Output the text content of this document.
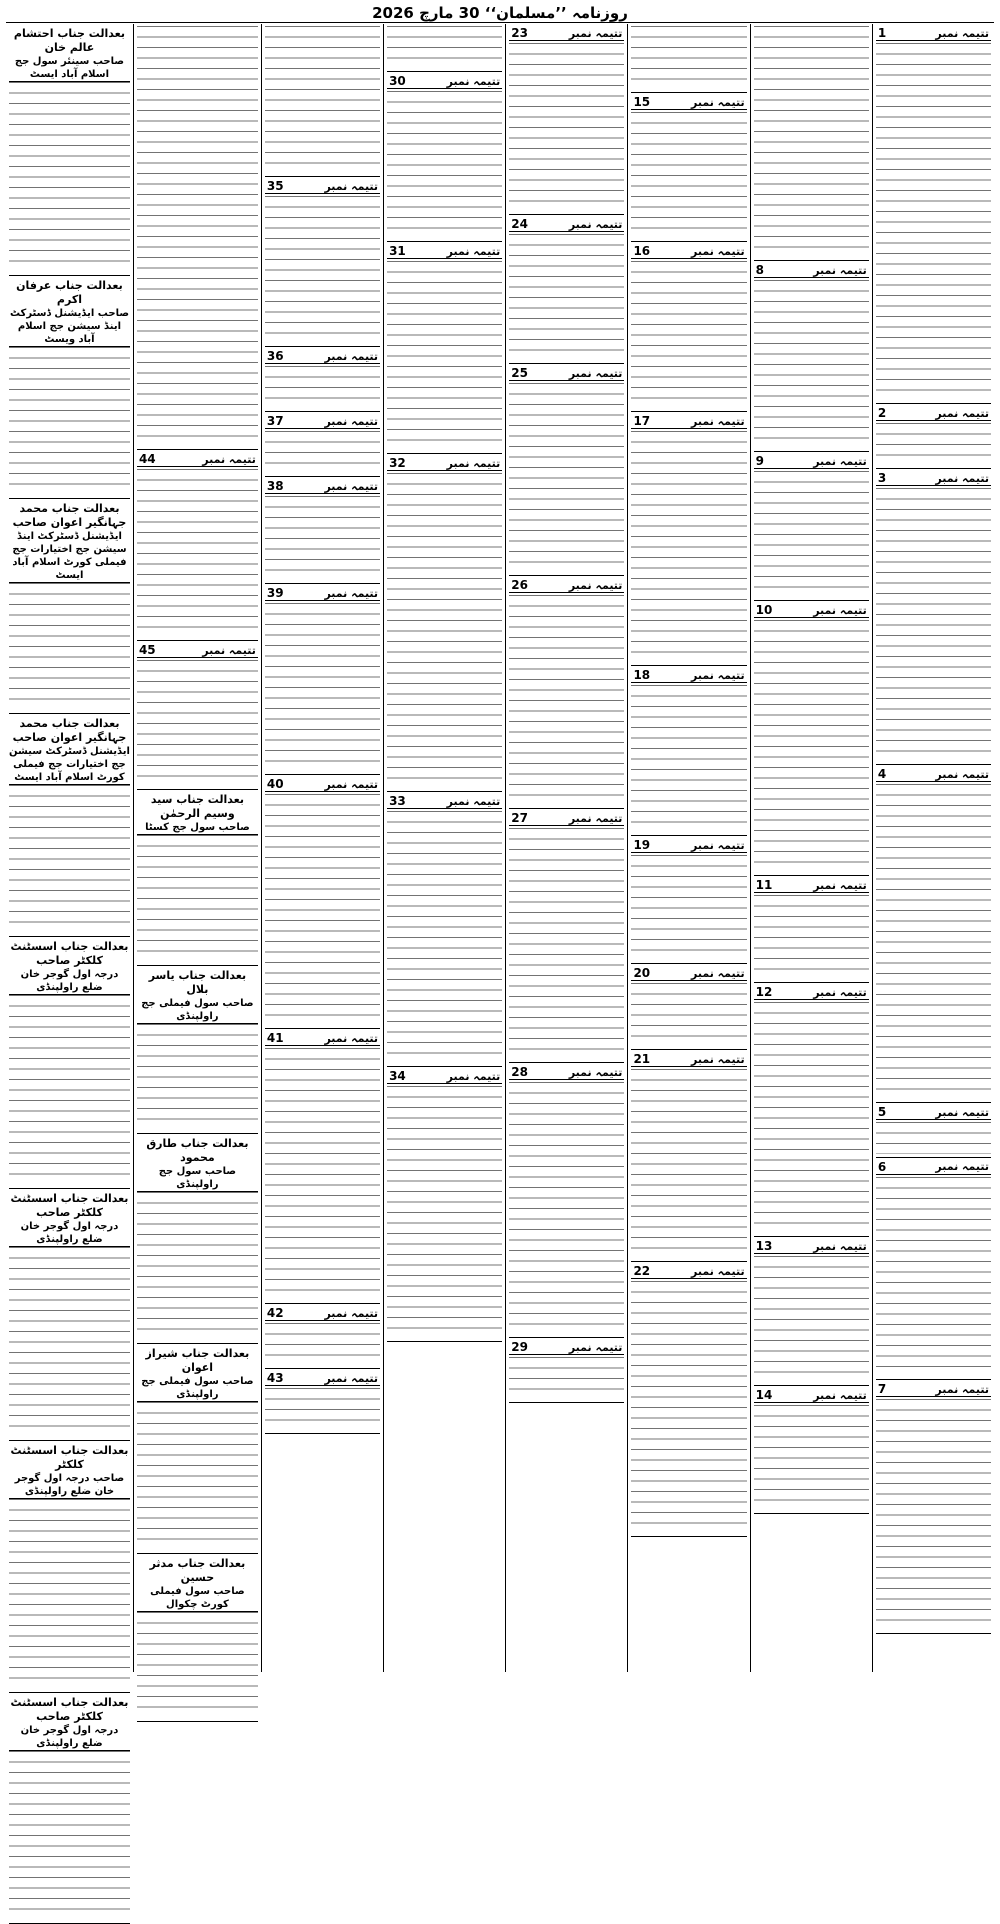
روزنامہ ’’مسلمان‘‘ 30 مارچ 2026
تتیمہ نمبر
1
تتیمہ نمبر
2
تتیمہ نمبر
3
تتیمہ نمبر
4
تتیمہ نمبر
5
تتیمہ نمبر
6
تتیمہ نمبر
7
تتیمہ نمبر
8
تتیمہ نمبر
9
تتیمہ نمبر
10
تتیمہ نمبر
11
تتیمہ نمبر
12
تتیمہ نمبر
13
تتیمہ نمبر
14
تتیمہ نمبر
15
تتیمہ نمبر
16
تتیمہ نمبر
17
تتیمہ نمبر
18
تتیمہ نمبر
19
تتیمہ نمبر
20
تتیمہ نمبر
21
تتیمہ نمبر
22
تتیمہ نمبر
23
تتیمہ نمبر
24
تتیمہ نمبر
25
تتیمہ نمبر
26
تتیمہ نمبر
27
تتیمہ نمبر
28
تتیمہ نمبر
29
تتیمہ نمبر
30
تتیمہ نمبر
31
تتیمہ نمبر
32
تتیمہ نمبر
33
تتیمہ نمبر
34
تتیمہ نمبر
35
تتیمہ نمبر
36
تتیمہ نمبر
37
تتیمہ نمبر
38
تتیمہ نمبر
39
تتیمہ نمبر
40
تتیمہ نمبر
41
تتیمہ نمبر
42
تتیمہ نمبر
43
تتیمہ نمبر
44
تتیمہ نمبر
45
بعدالت جناب سید وسیم الرحمٰن
صاحب سول جج کسٹا
بعدالت جناب یاسر بلال
صاحب سول فیملی جج راولپنڈی
بعدالت جناب طارق محمود
صاحب سول جج راولپنڈی
بعدالت جناب شیراز اعوان
صاحب سول فیملی جج راولپنڈی
بعدالت جناب مدثر حسین
صاحب سول فیملی کورٹ چکوال
بعدالت جناب احتشام عالم خان
صاحب سینئر سول جج اسلام آباد ایسٹ
بعدالت جناب عرفان اکرم
صاحب ایڈیشنل ڈسٹرکٹ اینڈ سیشن جج اسلام آباد ویسٹ
بعدالت جناب محمد جہانگیر اعوان صاحب
ایڈیشنل ڈسٹرکٹ اینڈ سیشن جج اختیارات جج فیملی کورٹ اسلام آباد ایسٹ
بعدالت جناب محمد جہانگیر اعوان صاحب
ایڈیشنل ڈسٹرکٹ سیشن جج اختیارات جج فیملی کورٹ اسلام آباد ایسٹ
بعدالت جناب اسسٹنٹ کلکٹر صاحب
درجہ اول گوجر خان ضلع راولپنڈی
بعدالت جناب اسسٹنٹ کلکٹر صاحب
درجہ اول گوجر خان ضلع راولپنڈی
بعدالت جناب اسسٹنٹ کلکٹر
صاحب درجہ اول گوجر خان ضلع راولپنڈی
بعدالت جناب اسسٹنٹ کلکٹر صاحب
درجہ اول گوجر خان ضلع راولپنڈی
